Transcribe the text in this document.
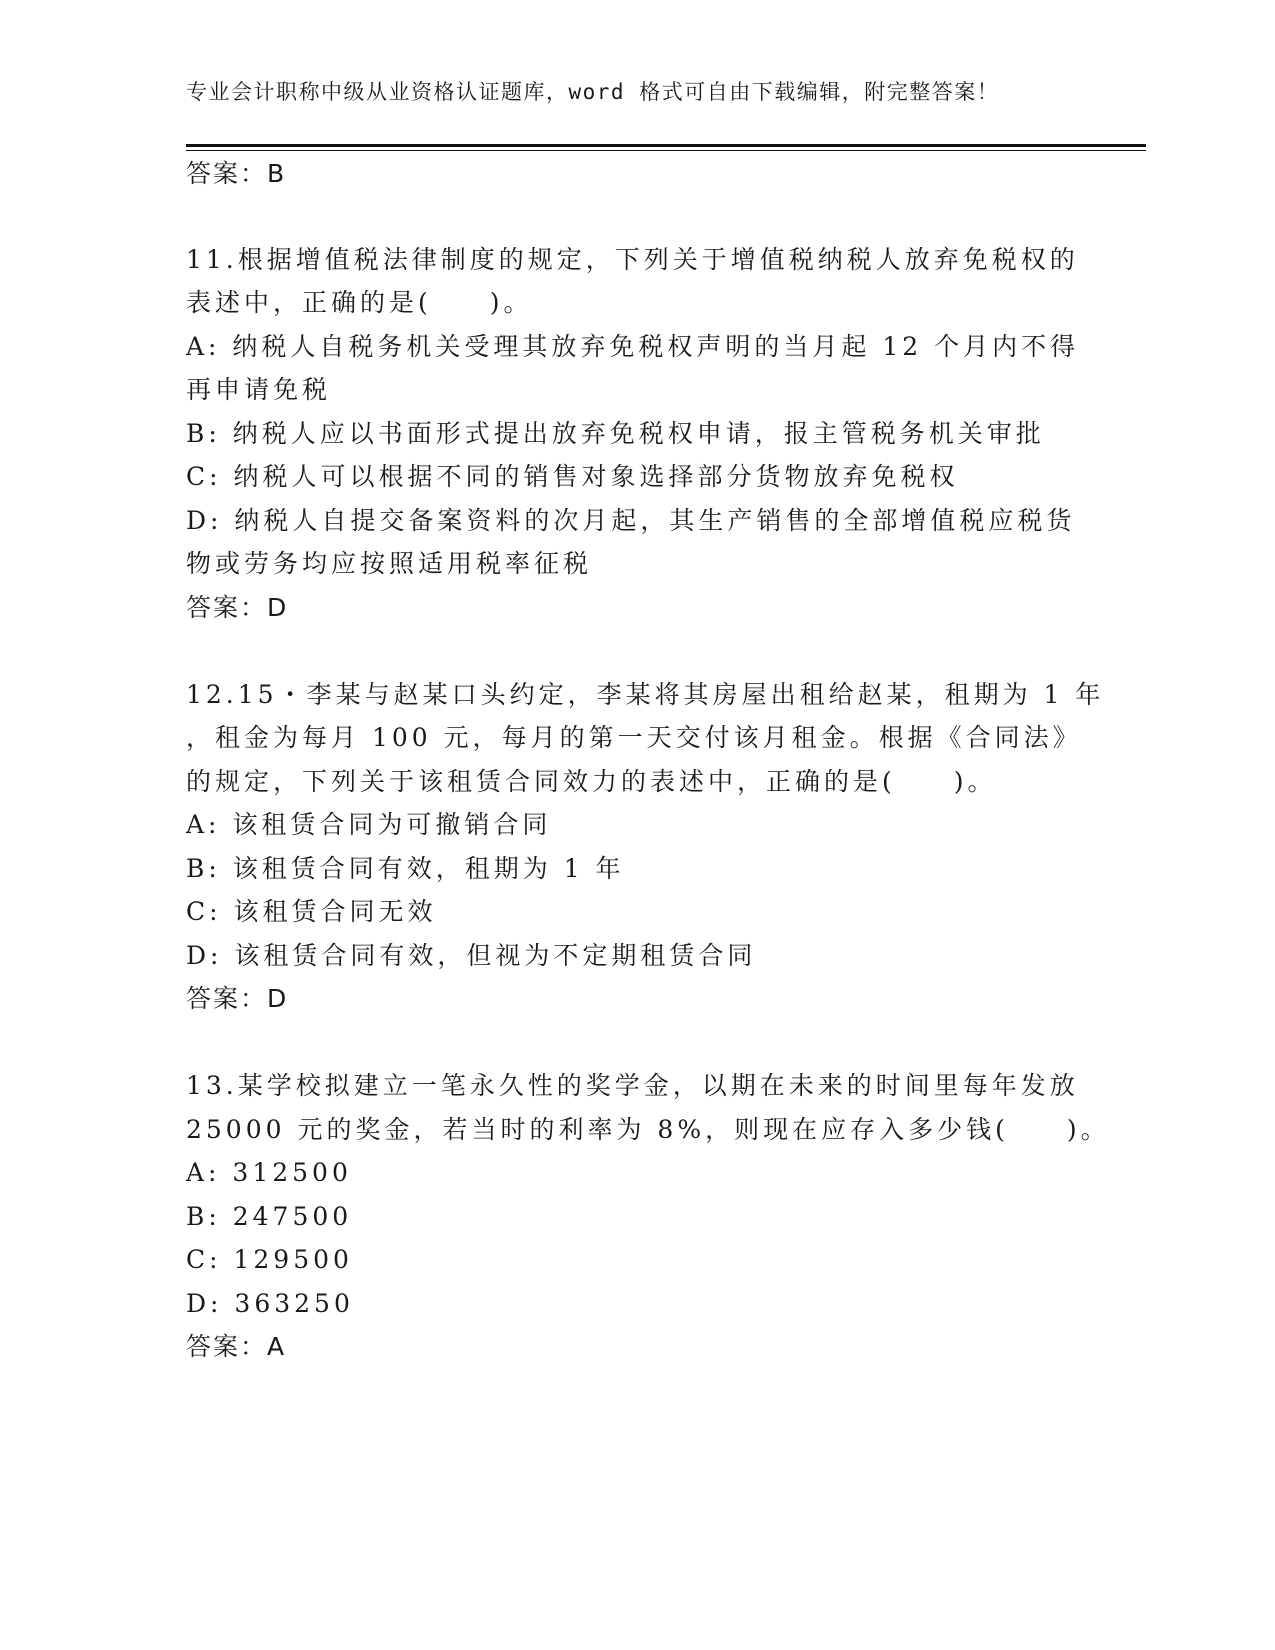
专业会计职称中级从业资格认证题库，word 格式可自由下载编辑，附完整答案！
答案：B
11.根据增值税法律制度的规定，下列关于增值税纳税人放弃免税权的
表述中，正确的是(　　)。
A: 纳税人自税务机关受理其放弃免税权声明的当月起 12 个月内不得
再申请免税
B: 纳税人应以书面形式提出放弃免税权申请，报主管税务机关审批
C: 纳税人可以根据不同的销售对象选择部分货物放弃免税权
D: 纳税人自提交备案资料的次月起，其生产销售的全部增值税应税货
物或劳务均应按照适用税率征税
答案：D
12.15・李某与赵某口头约定，李某将其房屋出租给赵某，租期为 1 年
，租金为每月 100 元，每月的第一天交付该月租金。根据《合同法》
的规定，下列关于该租赁合同效力的表述中，正确的是(　　)。
A: 该租赁合同为可撤销合同
B: 该租赁合同有效，租期为 1 年
C: 该租赁合同无效
D: 该租赁合同有效，但视为不定期租赁合同
答案：D
13.某学校拟建立一笔永久性的奖学金，以期在未来的时间里每年发放
25000 元的奖金，若当时的利率为 8%，则现在应存入多少钱(　　)。
A: 312500
B: 247500
C: 129500
D: 363250
答案：A
